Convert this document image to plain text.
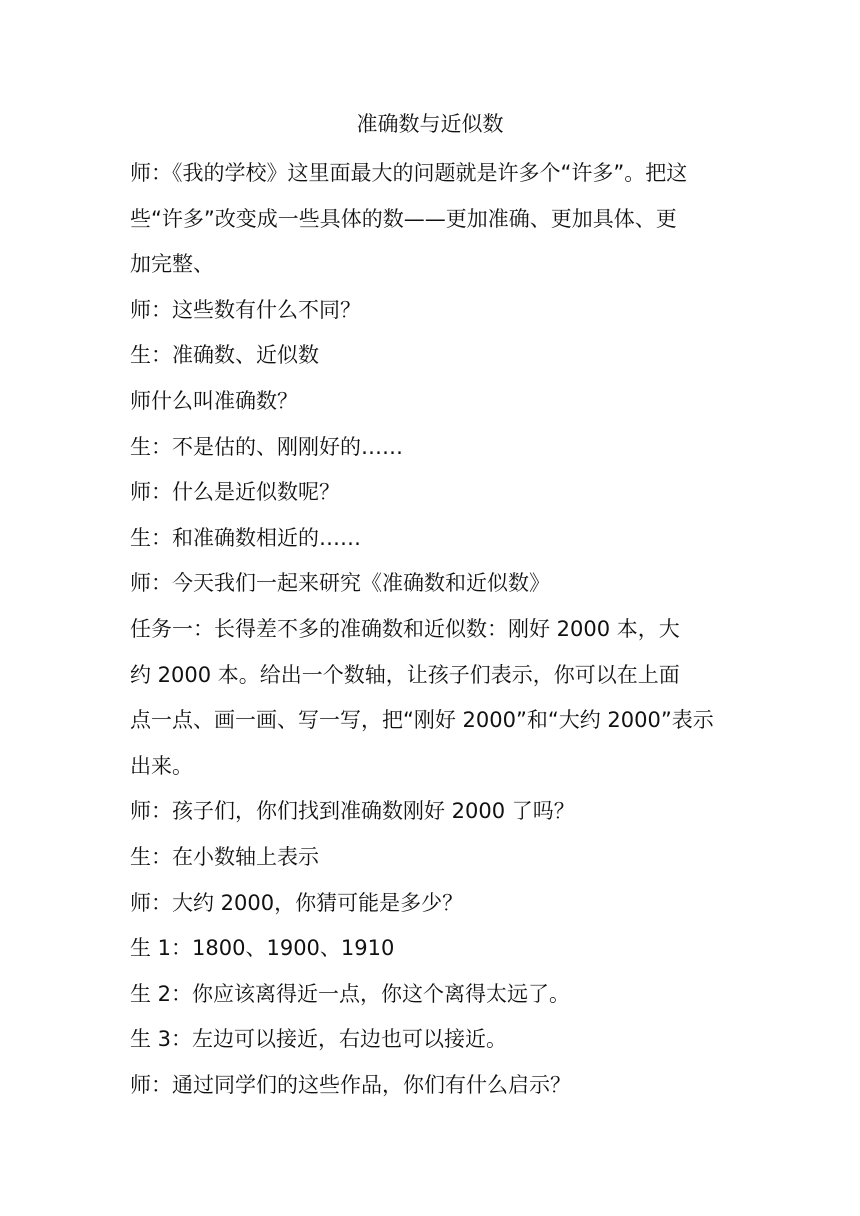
准确数与近似数

师：《我的学校》这里面最大的问题就是许多个“许多”。把这

些“许多”改变成一些具体的数——更加准确、更加具体、更

加完整、

师：这些数有什么不同？

生：准确数、近似数

师什么叫准确数？

生：不是估的、刚刚好的……

师：什么是近似数呢？

生：和准确数相近的……

师：今天我们一起来研究《准确数和近似数》

任务一：长得差不多的准确数和近似数：刚好 2000 本，大

约 2000 本。给出一个数轴，让孩子们表示，你可以在上面

点一点、画一画、写一写，把“刚好 2000”和“大约 2000”表示

出来。

师：孩子们，你们找到准确数刚好 2000 了吗？

生：在小数轴上表示

师：大约 2000，你猜可能是多少？

生 1：1800、1900、1910

生 2：你应该离得近一点，你这个离得太远了。

生 3：左边可以接近，右边也可以接近。

师：通过同学们的这些作品，你们有什么启示？
